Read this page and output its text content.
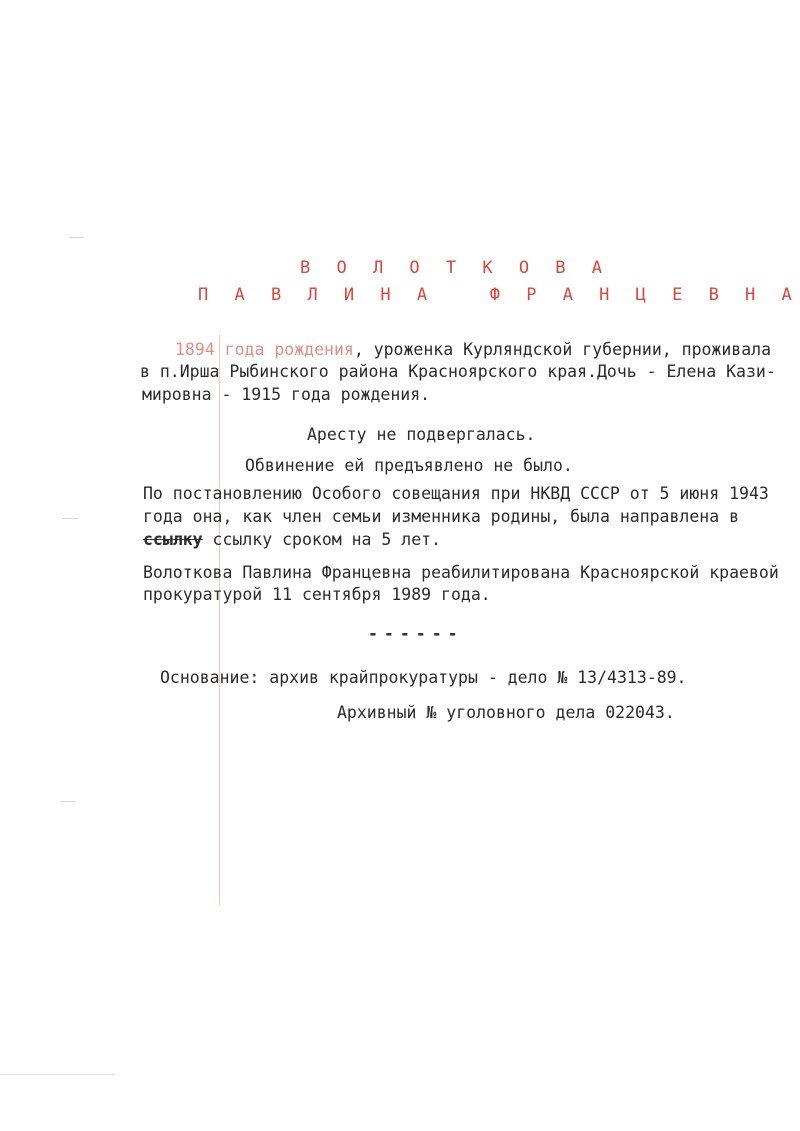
В О Л О Т К О В А
П А В Л И Н А   Ф Р А Н Ц Е В Н А
1894 года рождения, уроженка Курляндской губернии, проживала
в п.Ирша Рыбинского района Красноярского края.Дочь - Елена Кази-
мировна - 1915 года рождения.
Аресту не подвергалась.
Обвинение ей предъявлено не было.
По постановлению Особого совещания при НКВД СССР от 5 июня 1943
года она, как член семьи изменника родины, была направлена в
ссылку ссылку сроком на 5 лет.
Волоткова Павлина Францевна реабилитирована Красноярской краевой
прокуратурой 11 сентября 1989 года.
------
Основание: архив крайпрокуратуры - дело № 13/4313-89.
Архивный № уголовного дела 022043.
